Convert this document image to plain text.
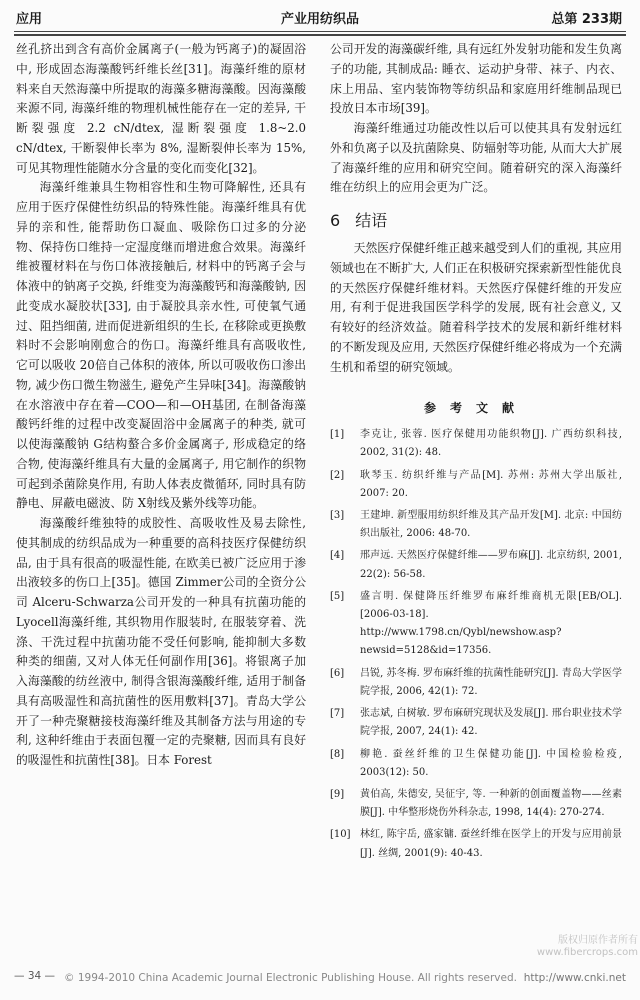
应用	产业用纺织品	总第 233期

丝孔挤出到含有高价金属离子(一般为钙离子)的凝固浴中, 形成固态海藻酸钙纤维长丝[31]。海藻纤维的原材料来自天然海藻中所提取的海藻多糖海藻酸。因海藻酸来源不同, 海藻纤维的物理机械性能存在一定的差异, 干断裂强度 2.2 cN/dtex, 湿断裂强度 1.8~2.0 cN/dtex, 干断裂伸长率为 8%, 湿断裂伸长率为 15%, 可见其物理性能随水分含量的变化而变化[32]。

海藻纤维兼具生物相容性和生物可降解性, 还具有应用于医疗保健性纺织品的特殊性能。海藻纤维具有优异的亲和性, 能帮助伤口凝血、吸除伤口过多的分泌物、保持伤口维持一定湿度继而增进愈合效果。海藻纤维被覆材料在与伤口体液接触后, 材料中的钙离子会与体液中的钠离子交换, 纤维变为海藻酸钙和海藻酸钠, 因此变成水凝胶状[33], 由于凝胶具亲水性, 可使氧气通过、阻挡细菌, 进而促进新组织的生长, 在移除或更换敷料时不会影响刚愈合的伤口。海藻纤维具有高吸收性, 它可以吸收 20倍自己体积的液体, 所以可吸收伤口渗出物, 减少伤口微生物滋生, 避免产生异味[34]。海藻酸钠在水溶液中存在着—COO—和—OH基团, 在制备海藻酸钙纤维的过程中改变凝固浴中金属离子的种类, 就可以使海藻酸钠 G结构螯合多价金属离子, 形成稳定的络合物, 使海藻纤维具有大量的金属离子, 用它制作的织物可起到杀菌除臭作用, 有助人体表皮微循环, 同时具有防静电、屏蔽电磁波、防 X射线及紫外线等功能。

海藻酸纤维独特的成胶性、高吸收性及易去除性, 使其制成的纺织品成为一种重要的高科技医疗保健纺织品, 由于具有很高的吸湿性能, 在欧美已被广泛应用于渗出液较多的伤口上[35]。德国 Zimmer公司的全资分公司 Alceru-Schwarza公司开发的一种具有抗菌功能的 Lyocell海藻纤维, 其织物用作服装时, 在服装穿着、洗涤、干洗过程中抗菌功能不受任何影响, 能抑制大多数种类的细菌, 又对人体无任何副作用[36]。将银离子加入海藻酸的纺丝液中, 制得含银海藻酸纤维, 适用于制备具有高吸湿性和高抗菌性的医用敷料[37]。青岛大学公开了一种壳聚糖接枝海藻纤维及其制备方法与用途的专利, 这种纤维由于表面包覆一定的壳聚糖, 因而具有良好的吸湿性和抗菌性[38]。日本 Forest

公司开发的海藻碳纤维, 具有远红外发射功能和发生负离子的功能, 其制成品: 睡衣、运动护身带、袜子、内衣、床上用品、室内装饰物等纺织品和家庭用纤维制品现已投放日本市场[39]。

海藻纤维通过功能改性以后可以使其具有发射远红外和负离子以及抗菌除臭、防辐射等功能, 从而大大扩展了海藻纤维的应用和研究空间。随着研究的深入海藻纤维在纺织上的应用会更为广泛。

6 结语

天然医疗保健纤维正越来越受到人们的重视, 其应用领域也在不断扩大, 人们正在积极研究探索新型性能优良的天然医疗保健纤维材料。天然医疗保健纤维的开发应用, 有利于促进我国医学科学的发展, 既有社会意义, 又有较好的经济效益。随着科学技术的发展和新纤维材料的不断发现及应用, 天然医疗保健纤维必将成为一个充满生机和希望的研究领域。

参考文献
[1]	李克让, 张蓉. 医疗保健用功能织物[J]. 广西纺织科技, 2002, 31(2): 48.
[2]	耿琴玉. 纺织纤维与产品[M]. 苏州: 苏州大学出版社, 2007: 20.
[3]	王建坤. 新型服用纺织纤维及其产品开发[M]. 北京: 中国纺织出版社, 2006: 48-70.
[4]	邢声远. 天然医疗保健纤维——罗布麻[J]. 北京纺织, 2001, 22(2): 56-58.
[5]	盛言明. 保健降压纤维罗布麻纤维商机无限[EB/OL]. [2006-03-18]. http://www.1798.cn/Qybl/newshow.asp? newsid=5128&id=17356.
[6]	吕锐, 苏冬梅. 罗布麻纤维的抗菌性能研究[J]. 青岛大学医学院学报, 2006, 42(1): 72.
[7]	张志斌, 白树敏. 罗布麻研究现状及发展[J]. 邢台职业技术学院学报, 2007, 24(1): 42.
[8]	柳艳. 蚕丝纤维的卫生保健功能[J]. 中国检验检疫, 2003(12): 50.
[9]	黄伯高, 朱德安, 吴征宇, 等. 一种新的创面覆盖物——丝素膜[J]. 中华整形烧伤外科杂志, 1998, 14(4): 270-274.
[10] 林红, 陈宇岳, 盛家镛. 蚕丝纤维在医学上的开发与应用前景[J]. 丝绸, 2001(9): 40-43.
版权归原作者所有
www.fibercrops.com
— 34 — © 1994-2010 China Academic Journal Electronic Publishing House. All rights reserved. http://www.cnki.net
